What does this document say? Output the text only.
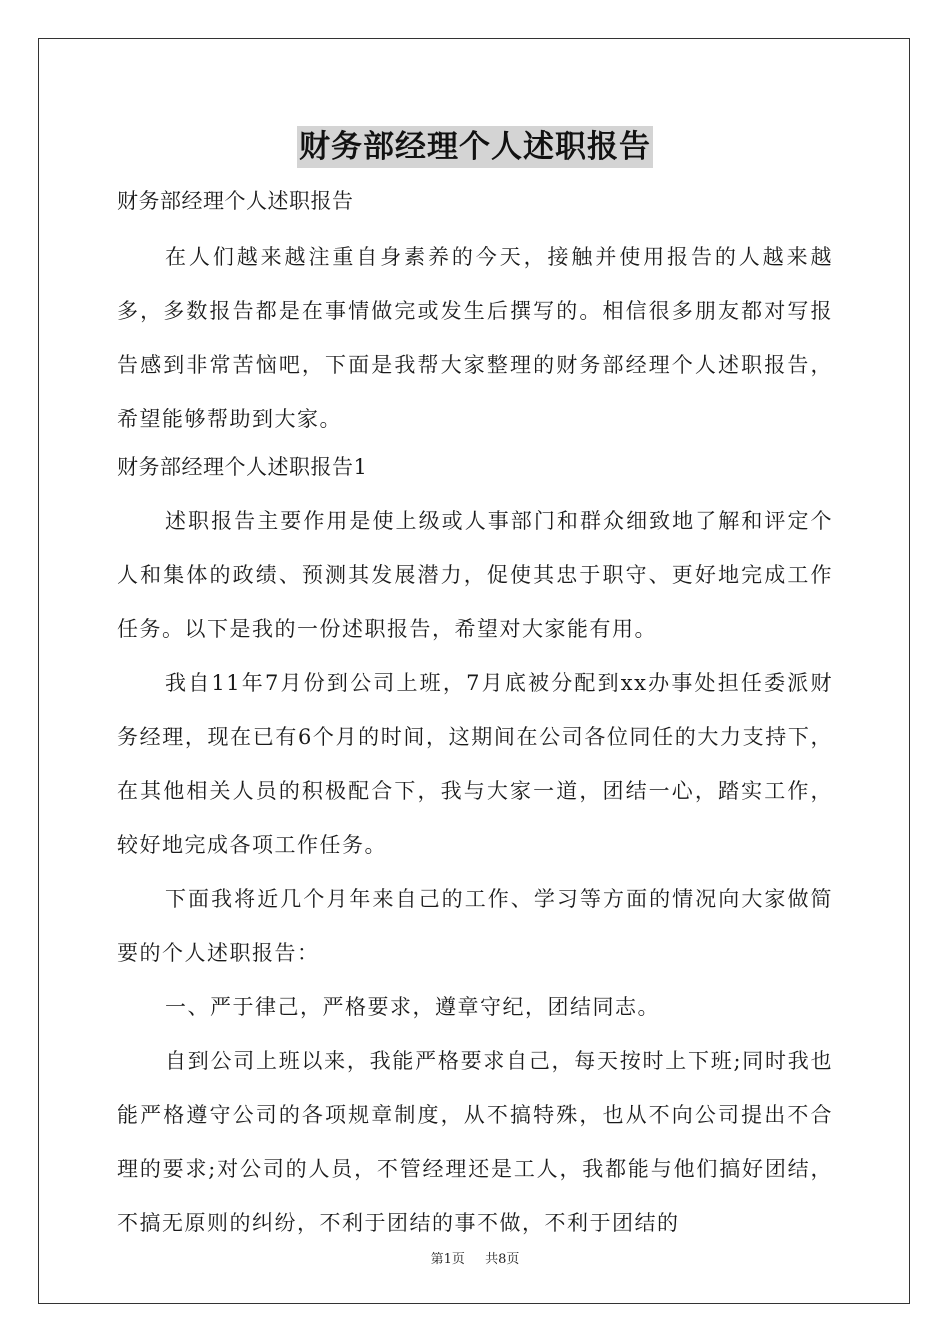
财务部经理个人述职报告

财务部经理个人述职报告

在人们越来越注重自身素养的今天，接触并使用报告的人越来越多，多数报告都是在事情做完或发生后撰写的。相信很多朋友都对写报告感到非常苦恼吧，下面是我帮大家整理的财务部经理个人述职报告，希望能够帮助到大家。

财务部经理个人述职报告1

述职报告主要作用是使上级或人事部门和群众细致地了解和评定个人和集体的政绩、预测其发展潜力，促使其忠于职守、更好地完成工作任务。以下是我的一份述职报告，希望对大家能有用。

我自11年7月份到公司上班，7月底被分配到xx办事处担任委派财务经理，现在已有6个月的时间，这期间在公司各位同任的大力支持下，在其他相关人员的积极配合下，我与大家一道，团结一心，踏实工作，较好地完成各项工作任务。

下面我将近几个月年来自己的工作、学习等方面的情况向大家做简要的个人述职报告：

一、严于律己，严格要求，遵章守纪，团结同志。

自到公司上班以来，我能严格要求自己，每天按时上下班;同时我也能严格遵守公司的各项规章制度，从不搞特殊，也从不向公司提出不合理的要求;对公司的人员，不管经理还是工人，我都能与他们搞好团结，不搞无原则的纠纷，不利于团结的事不做，不利于团结的

第1页 共8页
